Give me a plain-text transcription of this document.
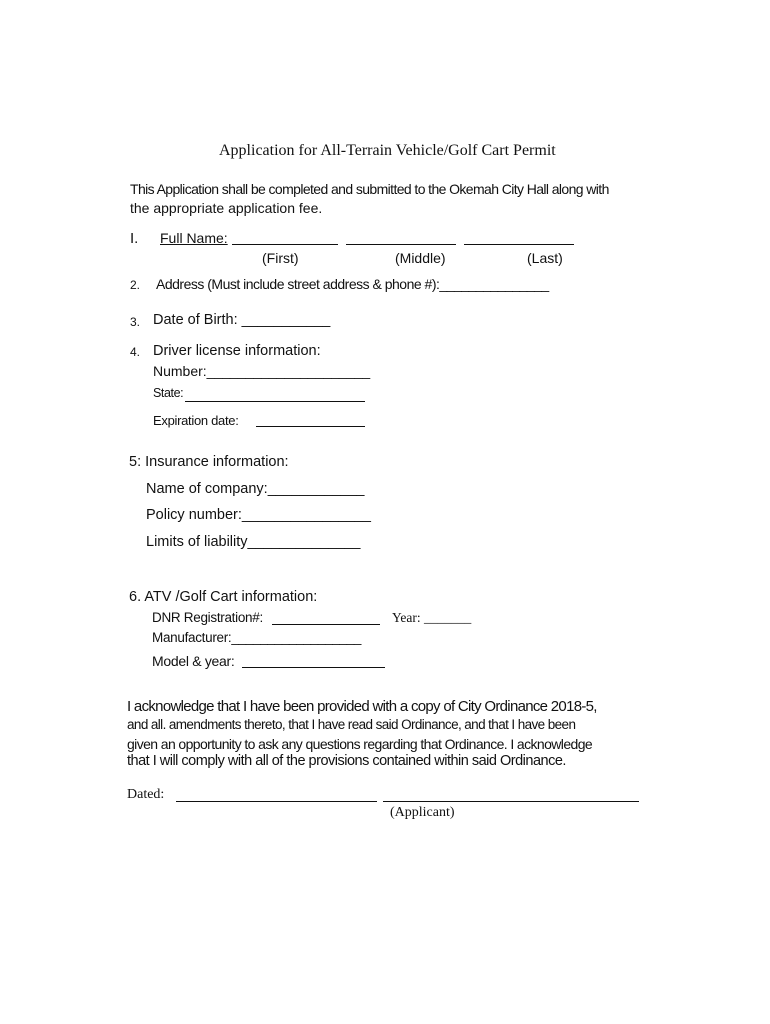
Application for All-Terrain Vehicle/Golf Cart Permit
This Application shall be completed and submitted to the Okemah City Hall along with
the appropriate application fee.
I. Full Name:
(First)	(Middle)	(Last)
2. Address (Must include street address & phone #):_______________
3. Date of Birth: ___________
4. Driver license information:
Number:_____________________
State:
Expiration date:
5: Insurance information:
Name of company:____________
Policy number:________________
Limits of liability______________
6. ATV /Golf Cart information:
DNR Registration#:	Year: _______
Manufacturer:__________________
Model & year:
I acknowledge that I have been provided with a copy of City Ordinance 2018-5,
and all. amendments thereto, that I have read said Ordinance, and that I have been
given an opportunity to ask any questions regarding that Ordinance. I acknowledge
that I will comply with all of the provisions contained within said Ordinance.
Dated:
(Applicant)
